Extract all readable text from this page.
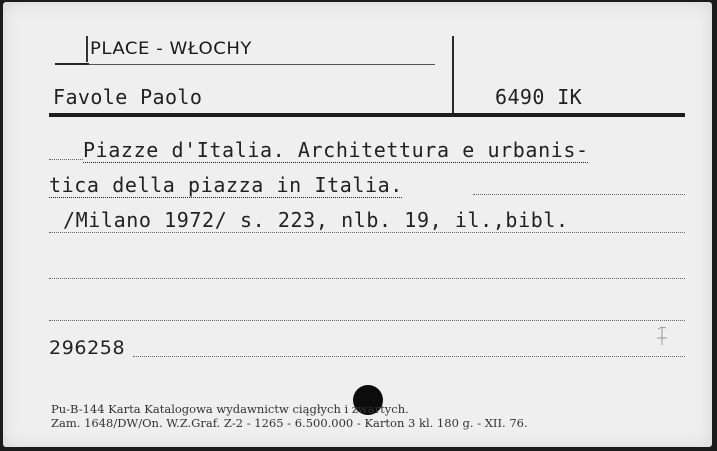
PLACE - WŁOCHY
Favole Paolo	6490 IK
Piazze d'Italia. Architettura e urbanis-
tica della piazza in Italia.
/Milano 1972/ s. 223, nlb. 19, il.,bibl.
296258
Pu-B-144 Karta Katalogowa wydawnictw ciągłych i zwartych.
Zam. 1648/DW/On. W.Z.Graf. Z-2 - 1265 - 6.500.000 - Karton 3 kl. 180 g. - XII. 76.
